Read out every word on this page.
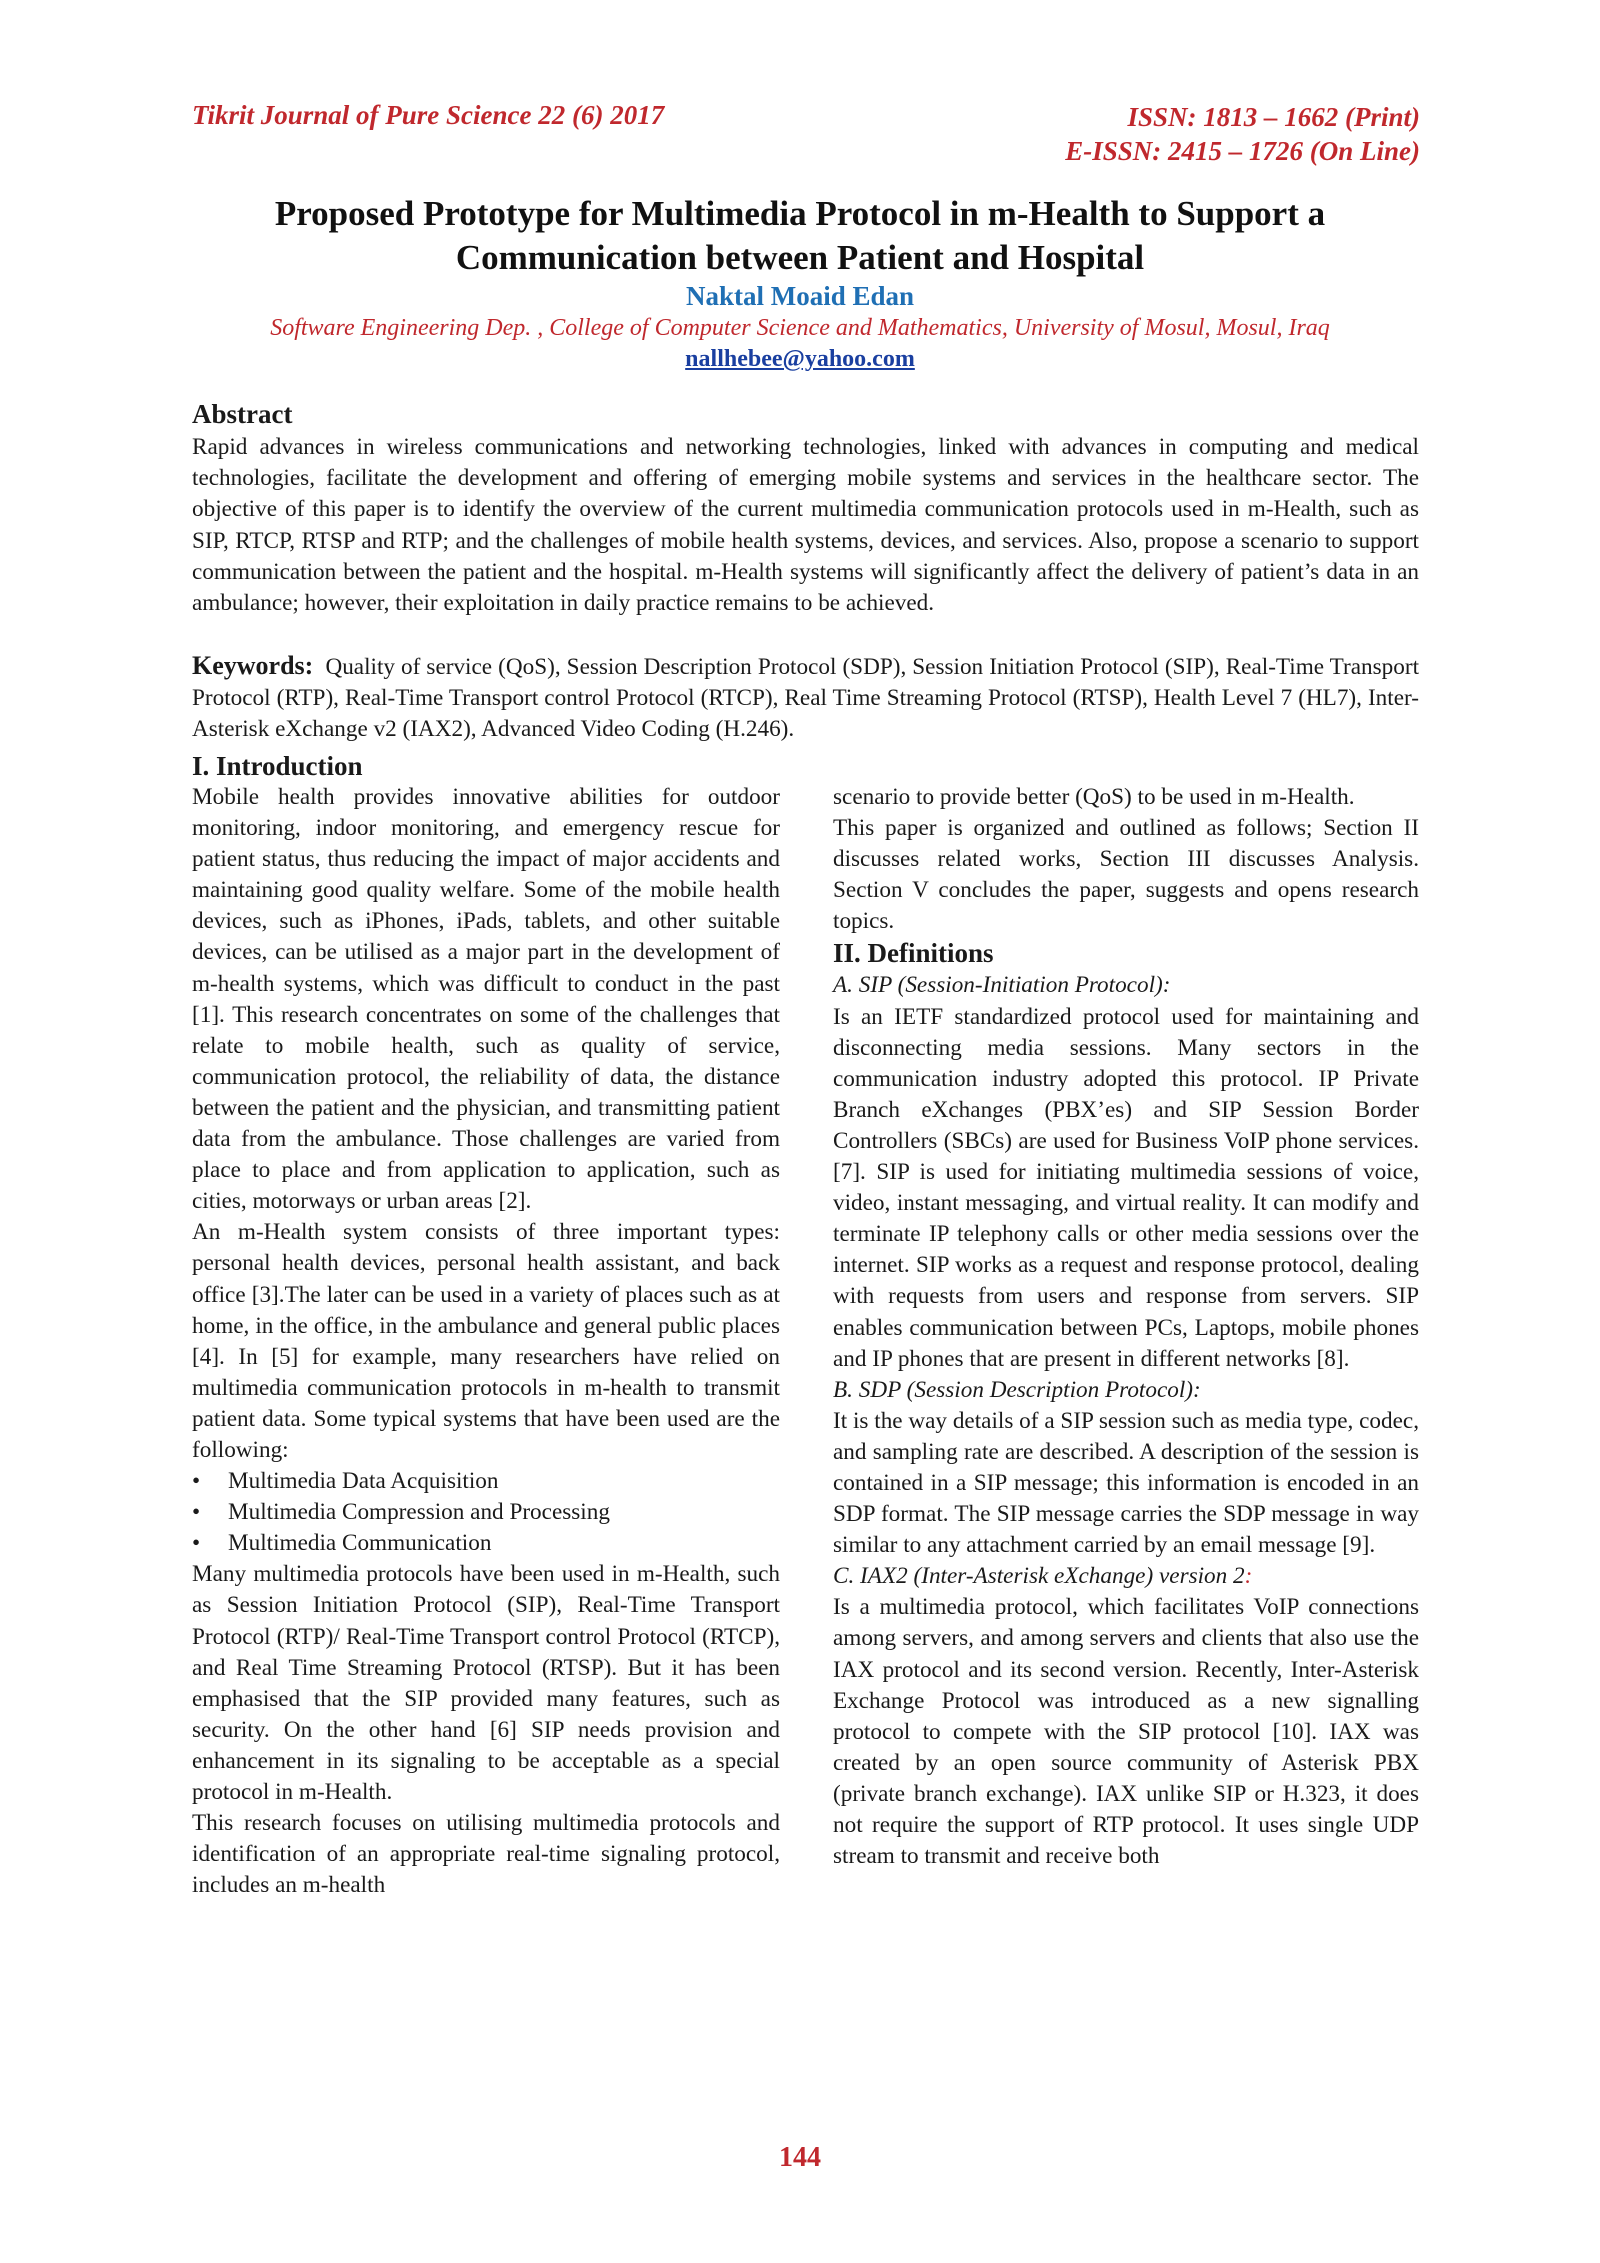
Tikrit Journal of Pure Science 22 (6) 2017	ISSN: 1813 – 1662 (Print)
E-ISSN: 2415 – 1726 (On Line)
Proposed Prototype for Multimedia Protocol in m-Health to Support a Communication between Patient and Hospital
Naktal Moaid Edan
Software Engineering Dep. , College of Computer Science and Mathematics, University of Mosul, Mosul, Iraq
nallhebee@yahoo.com
Abstract
Rapid advances in wireless communications and networking technologies, linked with advances in computing and medical technologies, facilitate the development and offering of emerging mobile systems and services in the healthcare sector. The objective of this paper is to identify the overview of the current multimedia communication protocols used in m-Health, such as SIP, RTCP, RTSP and RTP; and the challenges of mobile health systems, devices, and services. Also, propose a scenario to support communication between the patient and the hospital. m-Health systems will significantly affect the delivery of patient’s data in an ambulance; however, their exploitation in daily practice remains to be achieved.
Keywords: Quality of service (QoS), Session Description Protocol (SDP), Session Initiation Protocol (SIP), Real-Time Transport Protocol (RTP), Real-Time Transport control Protocol (RTCP), Real Time Streaming Protocol (RTSP), Health Level 7 (HL7), Inter-Asterisk eXchange v2 (IAX2), Advanced Video Coding (H.246).
I. Introduction

Mobile health provides innovative abilities for outdoor monitoring, indoor monitoring, and emergency rescue for patient status, thus reducing the impact of major accidents and maintaining good quality welfare. Some of the mobile health devices, such as iPhones, iPads, tablets, and other suitable devices, can be utilised as a major part in the development of m-health systems, which was difficult to conduct in the past [1]. This research concentrates on some of the challenges that relate to mobile health, such as quality of service, communication protocol, the reliability of data, the distance between the patient and the physician, and transmitting patient data from the ambulance. Those challenges are varied from place to place and from application to application, such as cities, motorways or urban areas [2].

An m-Health system consists of three important types: personal health devices, personal health assistant, and back office [3].The later can be used in a variety of places such as at home, in the office, in the ambulance and general public places [4]. In [5] for example, many researchers have relied on multimedia communication protocols in m-health to transmit patient data. Some typical systems that have been used are the following:

• Multimedia Data Acquisition
• Multimedia Compression and Processing
• Multimedia Communication

Many multimedia protocols have been used in m-Health, such as Session Initiation Protocol (SIP), Real-Time Transport Protocol (RTP)/ Real-Time Transport control Protocol (RTCP), and Real Time Streaming Protocol (RTSP). But it has been emphasised that the SIP provided many features, such as security. On the other hand [6] SIP needs provision and enhancement in its signaling to be acceptable as a special protocol in m-Health.

This research focuses on utilising multimedia protocols and identification of an appropriate real-time signaling protocol, includes an m-health

scenario to provide better (QoS) to be used in m-Health.

This paper is organized and outlined as follows; Section II discusses related works, Section III discusses Analysis. Section V concludes the paper, suggests and opens research topics.

II. Definitions

A. SIP (Session-Initiation Protocol):

Is an IETF standardized protocol used for maintaining and disconnecting media sessions. Many sectors in the communication industry adopted this protocol. IP Private Branch eXchanges (PBX’es) and SIP Session Border Controllers (SBCs) are used for Business VoIP phone services.[7]. SIP is used for initiating multimedia sessions of voice, video, instant messaging, and virtual reality. It can modify and terminate IP telephony calls or other media sessions over the internet. SIP works as a request and response protocol, dealing with requests from users and response from servers. SIP enables communication between PCs, Laptops, mobile phones and IP phones that are present in different networks [8].

B. SDP (Session Description Protocol):

It is the way details of a SIP session such as media type, codec, and sampling rate are described. A description of the session is contained in a SIP message; this information is encoded in an SDP format. The SIP message carries the SDP message in way similar to any attachment carried by an email message [9].

C. IAX2 (Inter-Asterisk eXchange) version 2:

Is a multimedia protocol, which facilitates VoIP connections among servers, and among servers and clients that also use the IAX protocol and its second version. Recently, Inter-Asterisk Exchange Protocol was introduced as a new signalling protocol to compete with the SIP protocol [10]. IAX was created by an open source community of Asterisk PBX (private branch exchange). IAX unlike SIP or H.323, it does not require the support of RTP protocol. It uses single UDP stream to transmit and receive both

144
